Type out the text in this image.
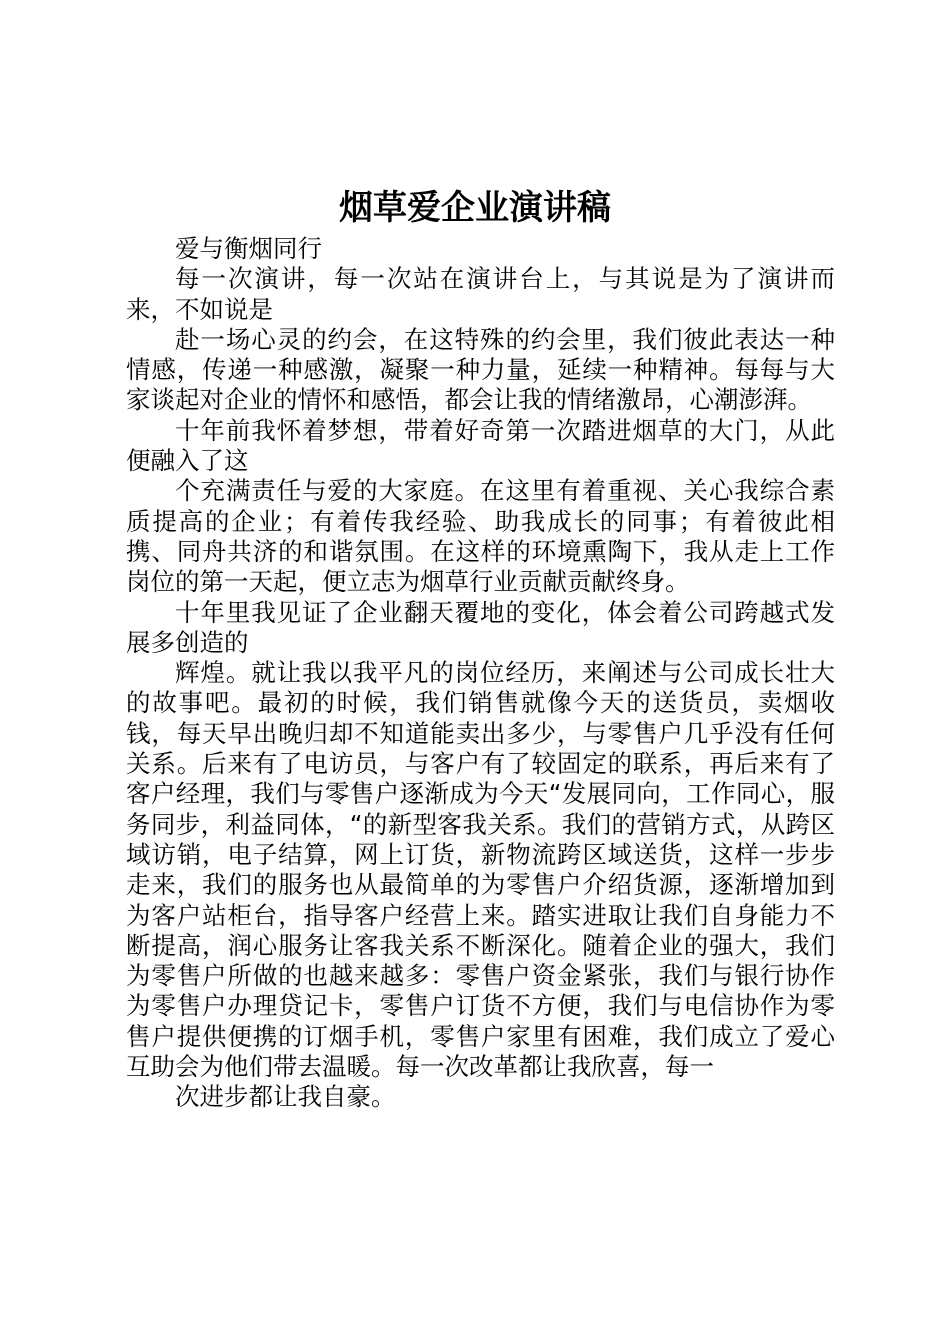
烟草爱企业演讲稿

爱与衡烟同行

每一次演讲，每一次站在演讲台上，与其说是为了演讲而来，不如说是

赴一场心灵的约会，在这特殊的约会里，我们彼此表达一种情感，传递一种感激，凝聚一种力量，延续一种精神。每每与大家谈起对企业的情怀和感悟，都会让我的情绪激昂，心潮澎湃。

十年前我怀着梦想，带着好奇第一次踏进烟草的大门，从此便融入了这

个充满责任与爱的大家庭。在这里有着重视、关心我综合素质提高的企业；有着传我经验、助我成长的同事；有着彼此相携、同舟共济的和谐氛围。在这样的环境熏陶下，我从走上工作岗位的第一天起，便立志为烟草行业贡献贡献终身。

十年里我见证了企业翻天覆地的变化，体会着公司跨越式发展多创造的

辉煌。就让我以我平凡的岗位经历，来阐述与公司成长壮大的故事吧。最初的时候，我们销售就像今天的送货员，卖烟收钱，每天早出晚归却不知道能卖出多少，与零售户几乎没有任何关系。后来有了电访员，与客户有了较固定的联系，再后来有了客户经理，我们与零售户逐渐成为今天“发展同向，工作同心，服务同步，利益同体，“的新型客我关系。我们的营销方式，从跨区域访销，电子结算，网上订货，新物流跨区域送货，这样一步步走来，我们的服务也从最简单的为零售户介绍货源，逐渐增加到为客户站柜台，指导客户经营上来。踏实进取让我们自身能力不断提高，润心服务让客我关系不断深化。随着企业的强大，我们为零售户所做的也越来越多：零售户资金紧张，我们与银行协作为零售户办理贷记卡，零售户订货不方便，我们与电信协作为零售户提供便携的订烟手机，零售户家里有困难，我们成立了爱心互助会为他们带去温暖。每一次改革都让我欣喜，每一

次进步都让我自豪。
